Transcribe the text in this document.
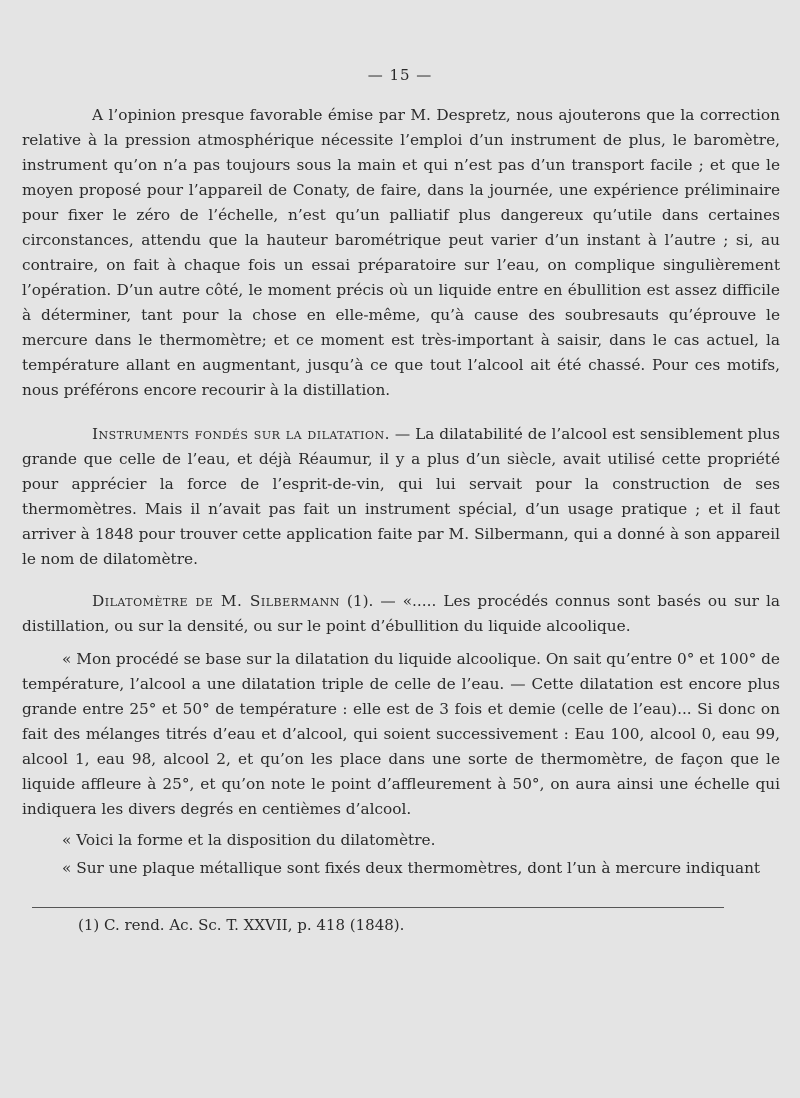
— 15 —

A l’opinion presque favorable émise par M. Despretz, nous ajouterons que la correction relative à la pression atmosphérique nécessite l’emploi d’un instrument de plus, le baromètre, instrument qu’on n’a pas toujours sous la main et qui n’est pas d’un transport facile ; et que le moyen proposé pour l’appareil de Conaty, de faire, dans la journée, une expérience préliminaire pour fixer le zéro de l’échelle, n’est qu’un palliatif plus dangereux qu’utile dans certaines circonstances, attendu que la hauteur barométrique peut varier d’un instant à l’autre ; si, au contraire, on fait à chaque fois un essai préparatoire sur l’eau, on complique singulièrement l’opération. D’un autre côté, le moment précis où un liquide entre en ébullition est assez difficile à déterminer, tant pour la chose en elle-même, qu’à cause des soubresauts qu’éprouve le mercure dans le thermomètre; et ce moment est très-important à saisir, dans le cas actuel, la température allant en augmentant, jusqu’à ce que tout l’alcool ait été chassé. Pour ces motifs, nous préférons encore recourir à la distillation.

Instruments fondés sur la dilatation. — La dilatabilité de l’alcool est sensiblement plus grande que celle de l’eau, et déjà Réaumur, il y a plus d’un siècle, avait utilisé cette propriété pour apprécier la force de l’esprit-de-vin, qui lui servait pour la construction de ses thermomètres. Mais il n’avait pas fait un instrument spécial, d’un usage pratique ; et il faut arriver à 1848 pour trouver cette application faite par M. Silbermann, qui a donné à son appareil le nom de dilatomètre.

Dilatomètre de M. Silbermann (1). — «..... Les procédés connus sont basés ou sur la distillation, ou sur la densité, ou sur le point d’ébullition du liquide alcoolique.

« Mon procédé se base sur la dilatation du liquide alcoolique. On sait qu’entre 0° et 100° de température, l’alcool a une dilatation triple de celle de l’eau. — Cette dilatation est encore plus grande entre 25° et 50° de température : elle est de 3 fois et demie (celle de l’eau)... Si donc on fait des mélanges titrés d’eau et d’alcool, qui soient successivement : Eau 100, alcool 0, eau 99, alcool 1, eau 98, alcool 2, et qu’on les place dans une sorte de thermomètre, de façon que le liquide affleure à 25°, et qu’on note le point d’affleurement à 50°, on aura ainsi une échelle qui indiquera les divers degrés en centièmes d’alcool.

« Voici la forme et la disposition du dilatomètre.

« Sur une plaque métallique sont fixés deux thermomètres, dont l’un à mercure indiquant

(1) C. rend. Ac. Sc. T. XXVII, p. 418 (1848).
